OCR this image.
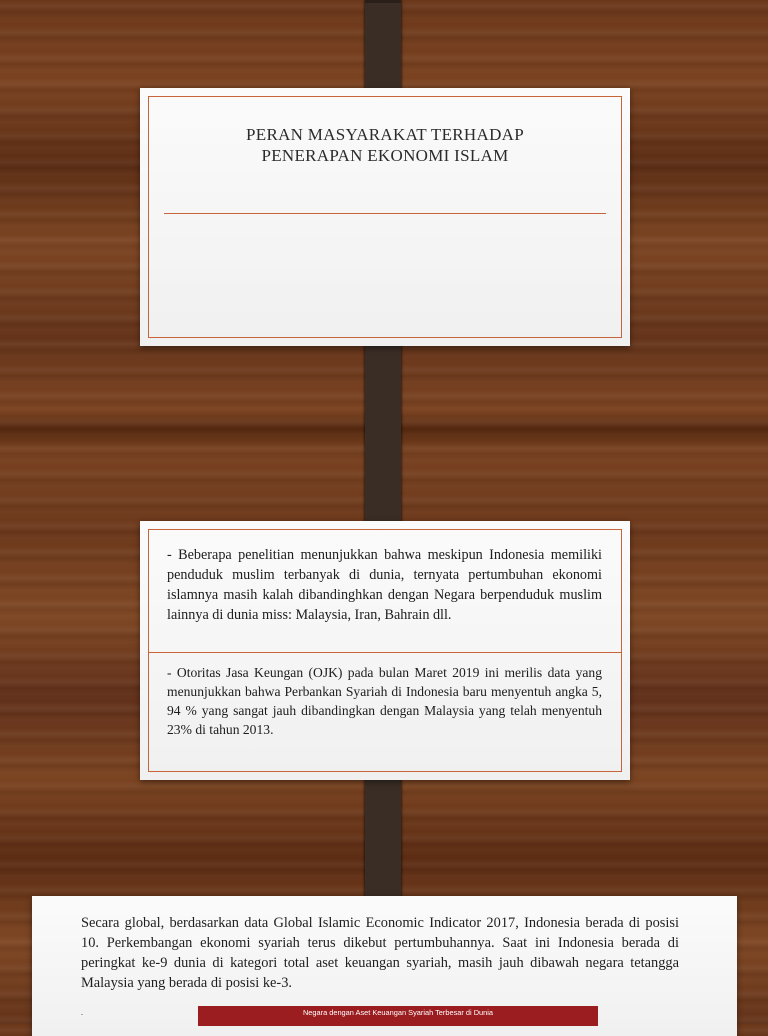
PERAN MASYARAKAT TERHADAP
PENERAPAN EKONOMI ISLAM
- Beberapa penelitian menunjukkan bahwa meskipun Indonesia memiliki penduduk muslim terbanyak di dunia, ternyata pertumbuhan ekonomi islamnya masih kalah dibandinghkan dengan Negara berpenduduk muslim lainnya di dunia miss: Malaysia, Iran, Bahrain dll.
- Otoritas Jasa Keungan (OJK) pada bulan Maret 2019 ini merilis data yang menunjukkan bahwa Perbankan Syariah di Indonesia baru menyentuh angka 5, 94 % yang sangat jauh dibandingkan dengan Malaysia yang telah menyentuh 23% di tahun 2013.
Secara global, berdasarkan data Global Islamic Economic Indicator 2017, Indonesia berada di posisi 10. Perkembangan ekonomi syariah terus dikebut pertumbuhannya. Saat ini Indonesia berada di peringkat ke-9 dunia di kategori total aset keuangan syariah, masih jauh dibawah negara tetangga Malaysia yang berada di posisi ke-3.
.	Negara dengan Aset Keuangan Syariah Terbesar di Dunia
